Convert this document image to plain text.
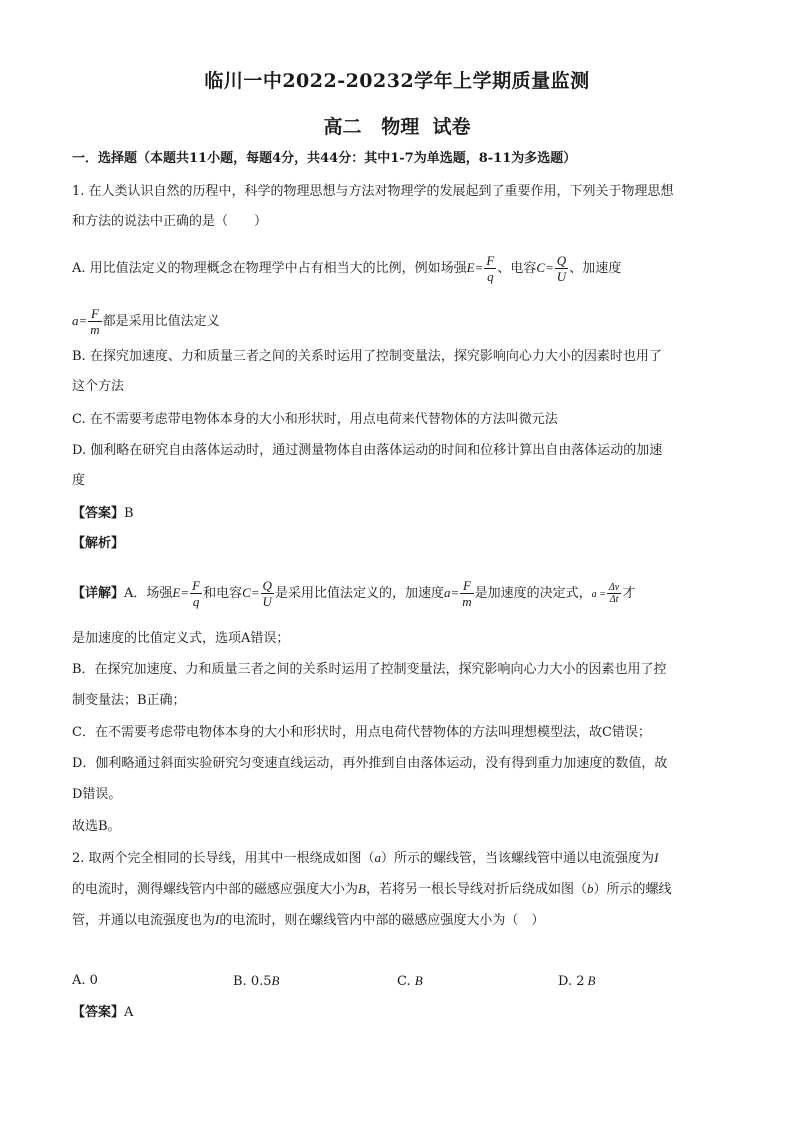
临川一中2022-20232学年上学期质量监测
高二   物理  试卷
一．选择题（本题共11小题，每题4分，共44分：其中1-7为单选题，8-11为多选题）
1. 在人类认识自然的历程中，科学的物理思想与方法对物理学的发展起到了重要作用，下列关于物理思想
和方法的说法中正确的是（　　）
A. 用比值法定义的物理概念在物理学中占有相当大的比例，例如场强$E= \frac{F}{q}$ 、电容$C= \frac{Q}{U}$ 、加速度
$a= \frac{F}{m}$ 都是采用比值法定义
B. 在探究加速度、力和质量三者之间的关系时运用了控制变量法，探究影响向心力大小的因素时也用了
这个方法
C. 在不需要考虑带电物体本身的大小和形状时，用点电荷来代替物体的方法叫微元法
D. 伽利略在研究自由落体运动时，通过测量物体自由落体运动的时间和位移计算出自由落体运动的加速
度
【答案】B
【解析】
【详解】A．场强$E= \frac{F}{q}$ 和电容$C= \frac{Q}{U}$ 是采用比值法定义的，加速度$a= \frac{F}{m}$ 是加速度的决定式，$a = \frac{\Delta v}{\Delta t}$ 才
是加速度的比值定义式，选项A错误；
B．在探究加速度、力和质量三者之间的关系时运用了控制变量法，探究影响向心力大小的因素也用了控
制变量法；B正确；
C．在不需要考虑带电物体本身的大小和形状时，用点电荷代替物体的方法叫理想模型法，故C错误；
D．伽利略通过斜面实验研究匀变速直线运动，再外推到自由落体运动，没有得到重力加速度的数值，故
D错误。
故选B。
2. 取两个完全相同的长导线，用其中一根绕成如图（a）所示的螺线管，当该螺线管中通以电流强度为I
的电流时，测得螺线管内中部的磁感应强度大小为B，若将另一根长导线对折后绕成如图（b）所示的螺线
管，并通以电流强度也为I的电流时，则在螺线管内中部的磁感应强度大小为（　）
A. 0	B. 0.5B	C. B	D. 2 B
【答案】A
